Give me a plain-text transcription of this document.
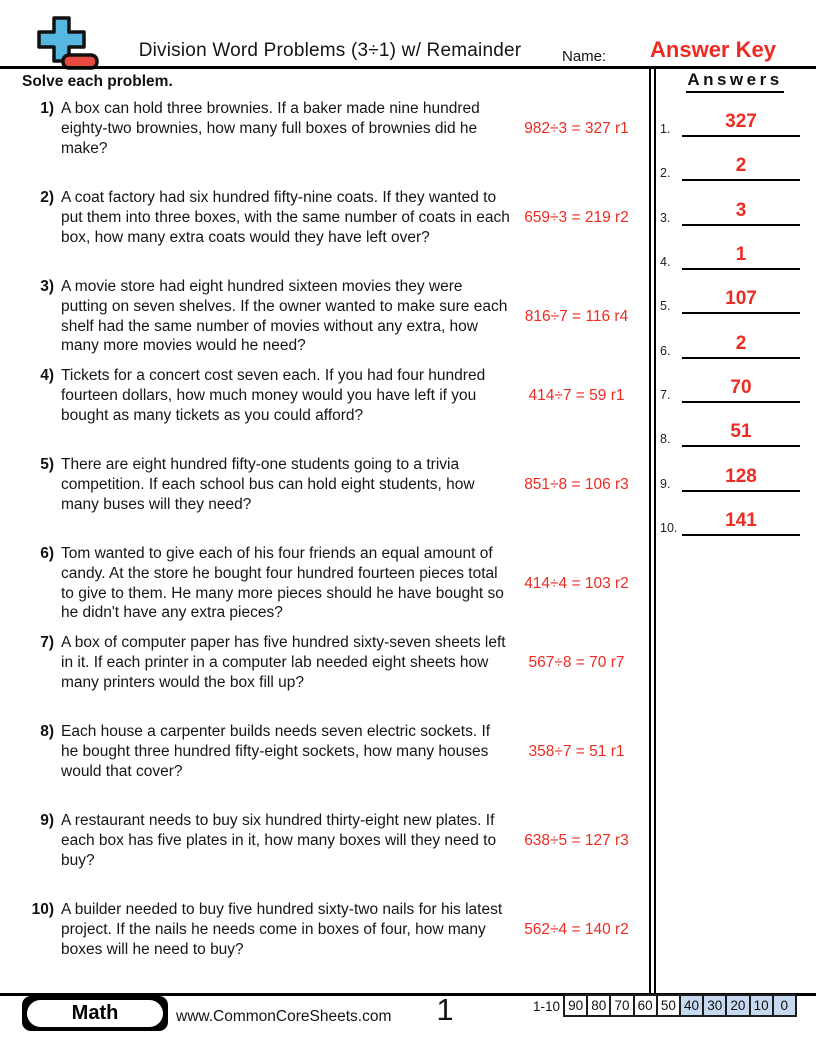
Division Word Problems (3÷1) w/ Remainder	Name:	Answer Key
Solve each problem.
1) A box can hold three brownies. If a baker made nine hundred eighty-two brownies, how many full boxes of brownies did he make?
982÷3 = 327 r1
2) A coat factory had six hundred fifty-nine coats. If they wanted to put them into three boxes, with the same number of coats in each box, how many extra coats would they have left over?
659÷3 = 219 r2
3) A movie store had eight hundred sixteen movies they were putting on seven shelves. If the owner wanted to make sure each shelf had the same number of movies without any extra, how many more movies would he need?
816÷7 = 116 r4
4) Tickets for a concert cost seven each. If you had four hundred fourteen dollars, how much money would you have left if you bought as many tickets as you could afford?
414÷7 = 59 r1
5) There are eight hundred fifty-one students going to a trivia competition. If each school bus can hold eight students, how many buses will they need?
851÷8 = 106 r3
6) Tom wanted to give each of his four friends an equal amount of candy. At the store he bought four hundred fourteen pieces total to give to them. He many more pieces should he have bought so he didn't have any extra pieces?
414÷4 = 103 r2
7) A box of computer paper has five hundred sixty-seven sheets left in it. If each printer in a computer lab needed eight sheets how many printers would the box fill up?
567÷8 = 70 r7
8) Each house a carpenter builds needs seven electric sockets. If he bought three hundred fifty-eight sockets, how many houses would that cover?
358÷7 = 51 r1
9) A restaurant needs to buy six hundred thirty-eight new plates. If each box has five plates in it, how many boxes will they need to buy?
638÷5 = 127 r3
10) A builder needed to buy five hundred sixty-two nails for his latest project. If the nails he needs come in boxes of four, how many boxes will he need to buy?
562÷4 = 140 r2
Answers
1.	327
2.	2
3.	3
4.	1
5.	107
6.	2
7.	70
8.	51
9.	128
10.	141
Math	www.CommonCoreSheets.com	1	1-10 90 80 70 60 50 40 30 20 10 0
